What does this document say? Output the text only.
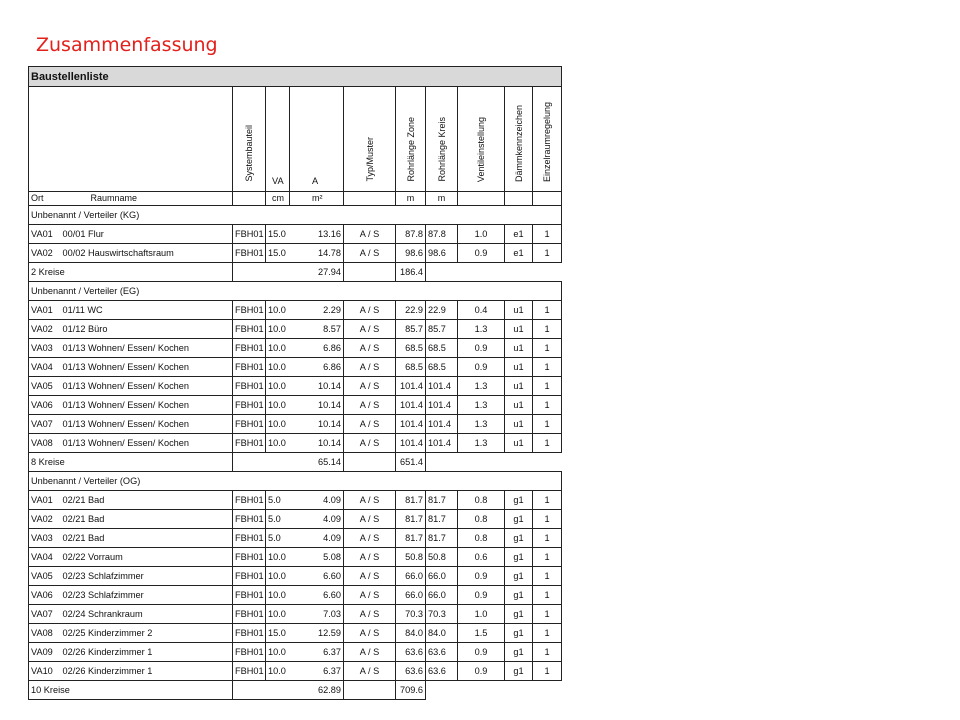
Zusammenfassung
Baustellenliste										
		Systembauteil	VA	A	Typ/Muster	Rohrlänge Zone	Rohrlänge Kreis	Ventileinstellung	Dämmkennzeichen	Einzelraumregelung
Ort	Raumname		cm	m²		m	m			
Unbenannt / Verteiler (KG)										
VA01	00/01 Flur	FBH01	15.0	13.16	A / S	87.8	87.8	1.0	e1	1
VA02	00/02 Hauswirtschaftsraum	FBH01	15.0	14.78	A / S	98.6	98.6	0.9	e1	1
2 Kreise		27.94				186.4				
Unbenannt / Verteiler (EG)										
VA01	01/11 WC	FBH01	10.0	2.29	A / S	22.9	22.9	0.4	u1	1
VA02	01/12 Büro	FBH01	10.0	8.57	A / S	85.7	85.7	1.3	u1	1
VA03	01/13 Wohnen/ Essen/ Kochen	FBH01	10.0	6.86	A / S	68.5	68.5	0.9	u1	1
VA04	01/13 Wohnen/ Essen/ Kochen	FBH01	10.0	6.86	A / S	68.5	68.5	0.9	u1	1
VA05	01/13 Wohnen/ Essen/ Kochen	FBH01	10.0	10.14	A / S	101.4	101.4	1.3	u1	1
VA06	01/13 Wohnen/ Essen/ Kochen	FBH01	10.0	10.14	A / S	101.4	101.4	1.3	u1	1
VA07	01/13 Wohnen/ Essen/ Kochen	FBH01	10.0	10.14	A / S	101.4	101.4	1.3	u1	1
VA08	01/13 Wohnen/ Essen/ Kochen	FBH01	10.0	10.14	A / S	101.4	101.4	1.3	u1	1
8 Kreise		65.14				651.4				
Unbenannt / Verteiler (OG)										
VA01	02/21 Bad	FBH01	5.0	4.09	A / S	81.7	81.7	0.8	g1	1
VA02	02/21 Bad	FBH01	5.0	4.09	A / S	81.7	81.7	0.8	g1	1
VA03	02/21 Bad	FBH01	5.0	4.09	A / S	81.7	81.7	0.8	g1	1
VA04	02/22 Vorraum	FBH01	10.0	5.08	A / S	50.8	50.8	0.6	g1	1
VA05	02/23 Schlafzimmer	FBH01	10.0	6.60	A / S	66.0	66.0	0.9	g1	1
VA06	02/23 Schlafzimmer	FBH01	10.0	6.60	A / S	66.0	66.0	0.9	g1	1
VA07	02/24 Schrankraum	FBH01	10.0	7.03	A / S	70.3	70.3	1.0	g1	1
VA08	02/25 Kinderzimmer 2	FBH01	15.0	12.59	A / S	84.0	84.0	1.5	g1	1
VA09	02/26 Kinderzimmer 1	FBH01	10.0	6.37	A / S	63.6	63.6	0.9	g1	1
VA10	02/26 Kinderzimmer 1	FBH01	10.0	6.37	A / S	63.6	63.6	0.9	g1	1
10 Kreise		62.89				709.6				
